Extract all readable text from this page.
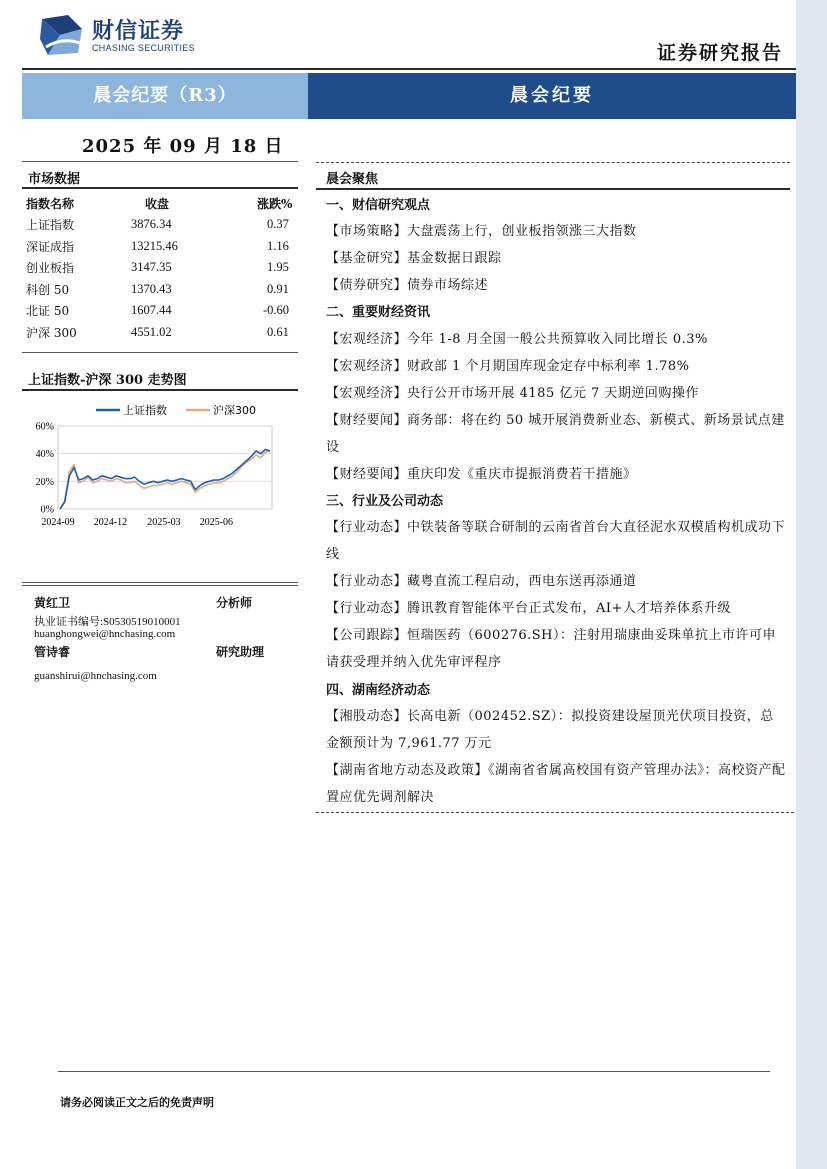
财信证券
CHASING SECURITIES	证券研究报告
晨会纪要（R3）	晨会纪要
2025 年 09 月 18 日
市场数据
指数名称	收盘	涨跌%
上证指数	3876.34	0.37
深证成指	13215.46	1.16
创业板指	3147.35	1.95
科创 50	1370.43	0.91
北证 50	1607.44	-0.60
沪深 300	4551.02	0.61
上证指数-沪深 300 走势图
0%
20%
40%
60%
2024-09 2024-12 2025-03 2025-06
上证指数	沪深300
黄红卫	分析师
执业证书编号:S0530519010001
huanghongwei@hnchasing.com
管诗睿	研究助理
guanshirui@hnchasing.com
晨会聚焦
一、财信研究观点
【市场策略】大盘震荡上行，创业板指领涨三大指数
【基金研究】基金数据日跟踪
【债券研究】债券市场综述
二、重要财经资讯
【宏观经济】今年 1-8 月全国一般公共预算收入同比增长 0.3%
【宏观经济】财政部 1 个月期国库现金定存中标利率 1.78%
【宏观经济】央行公开市场开展 4185 亿元 7 天期逆回购操作
【财经要闻】商务部：将在约 50 城开展消费新业态、新模式、新场景试点建设
【财经要闻】重庆印发《重庆市提振消费若干措施》
三、行业及公司动态
【行业动态】中铁装备等联合研制的云南省首台大直径泥水双模盾构机成功下线
【行业动态】藏粤直流工程启动，西电东送再添通道
【行业动态】腾讯教育智能体平台正式发布，AI+人才培养体系升级
【公司跟踪】恒瑞医药（600276.SH）：注射用瑞康曲妥珠单抗上市许可申请获受理并纳入优先审评程序
四、湖南经济动态
【湘股动态】长高电新（002452.SZ）：拟投资建设屋顶光伏项目投资，总金额预计为 7,961.77 万元
【湖南省地方动态及政策】《湖南省省属高校国有资产管理办法》：高校资产配置应优先调剂解决
请务必阅读正文之后的免责声明
